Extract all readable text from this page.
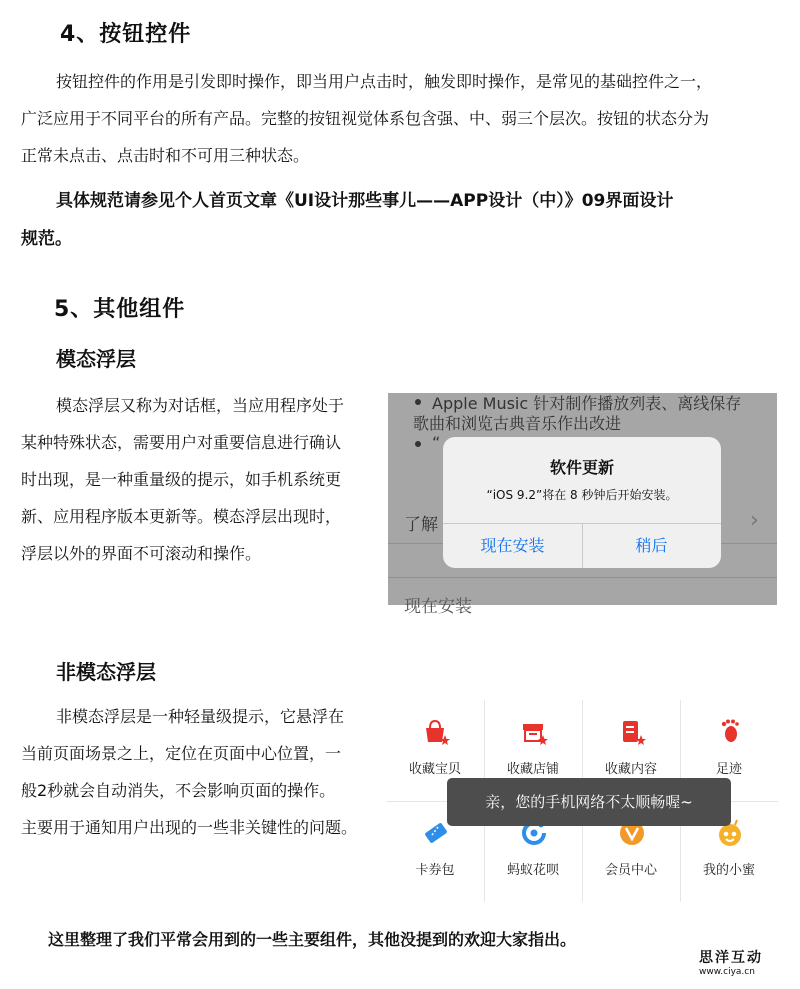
4、按钮控件
按钮控件的作用是引发即时操作，即当用户点击时，触发即时操作，是常见的基础控件之一，
广泛应用于不同平台的所有产品。完整的按钮视觉体系包含强、中、弱三个层次。按钮的状态分为
正常未点击、点击时和不可用三种状态。
具体规范请参见个人首页文章《UI设计那些事儿——APP设计（中）》09界面设计
规范。
5、其他组件
模态浮层
模态浮层又称为对话框，当应用程序处于
某种特殊状态，需要用户对重要信息进行确认
时出现，是一种重量级的提示，如手机系统更
新、应用程序版本更新等。模态浮层出现时，
浮层以外的界面不可滚动和操作。
Apple Music 针对制作播放列表、离线保存
歌曲和浏览古典音乐作出改进
“
了解	›
现在安装
软件更新
“iOS 9.2”将在 8 秒钟后开始安装。
现在安装	稍后
非模态浮层
非模态浮层是一种轻量级提示，它悬浮在
当前页面场景之上，定位在页面中心位置，一
般2秒就会自动消失，不会影响页面的操作。
主要用于通知用户出现的一些非关键性的问题。
收藏宝贝	收藏店铺	收藏内容	足迹
卡券包	蚂蚁花呗	会员中心	我的小蜜
亲，您的手机网络不太顺畅喔~
这里整理了我们平常会用到的一些主要组件，其他没提到的欢迎大家指出。
思洋互动
www.ciya.cn
